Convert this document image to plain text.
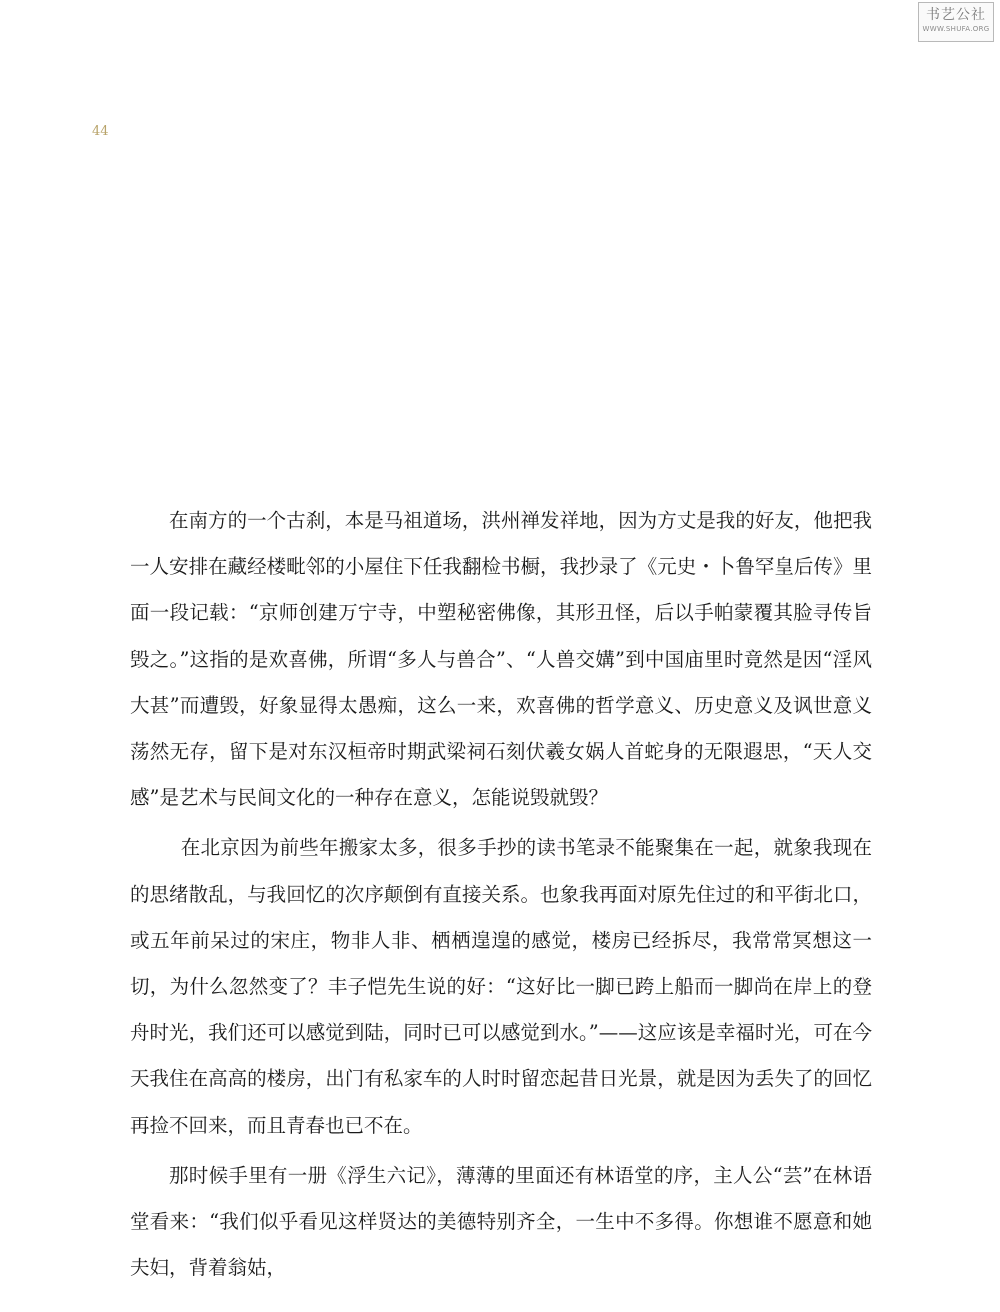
书艺公社
WWW.SHUFA.ORG
44

在南方的一个古刹，本是马祖道场，洪州禅发祥地，因为方丈是我的好友，他把我一人安排在藏经楼毗邻的小屋住下任我翻检书橱，我抄录了《元史・卜鲁罕皇后传》里面一段记载：“京师创建万宁寺，中塑秘密佛像，其形丑怪，后以手帕蒙覆其脸寻传旨毁之。”这指的是欢喜佛，所谓“多人与兽合”、“人兽交媾”到中国庙里时竟然是因“淫风大甚”而遭毁，好象显得太愚痴，这么一来，欢喜佛的哲学意义、历史意义及讽世意义荡然无存，留下是对东汉桓帝时期武梁祠石刻伏羲女娲人首蛇身的无限遐思，“天人交感”是艺术与民间文化的一种存在意义，怎能说毁就毁？

在北京因为前些年搬家太多，很多手抄的读书笔录不能聚集在一起，就象我现在的思绪散乱，与我回忆的次序颠倒有直接关系。也象我再面对原先住过的和平街北口，或五年前呆过的宋庄，物非人非、栖栖遑遑的感觉，楼房已经拆尽，我常常冥想这一切，为什么忽然变了？丰子恺先生说的好：“这好比一脚已跨上船而一脚尚在岸上的登舟时光，我们还可以感觉到陆，同时已可以感觉到水。”——这应该是幸福时光，可在今天我住在高高的楼房，出门有私家车的人时时留恋起昔日光景，就是因为丢失了的回忆再捡不回来，而且青春也已不在。

那时候手里有一册《浮生六记》，薄薄的里面还有林语堂的序，主人公“芸”在林语堂看来：“我们似乎看见这样贤达的美德特别齐全，一生中不多得。你想谁不愿意和她夫妇，背着翁姑，
